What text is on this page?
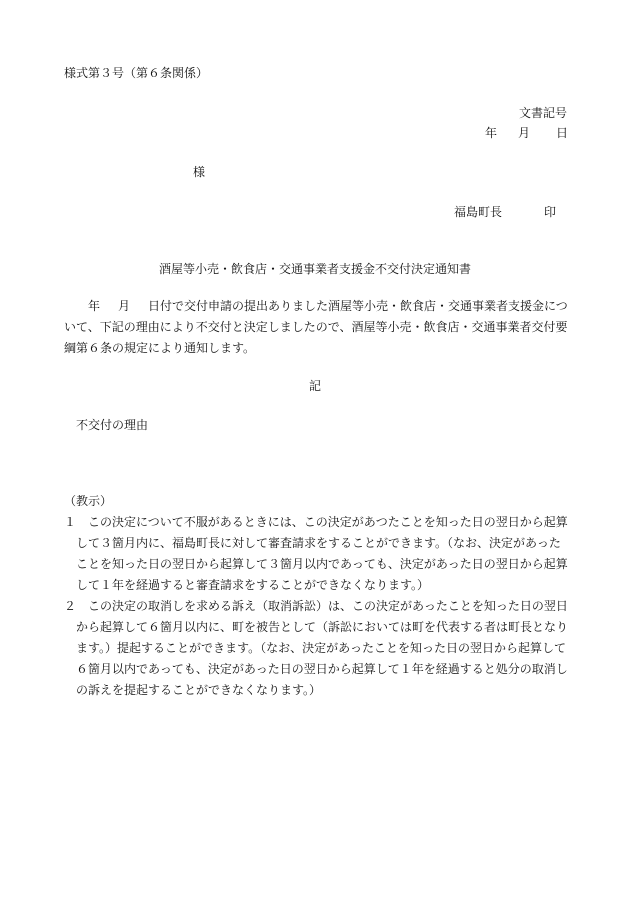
様式第３号（第６条関係）

文書記号

年 月 日

様

福島町長	印

酒屋等小売・飲食店・交通事業者支援金不交付決定通知書

年 月 日付で交付申請の提出ありました酒屋等小売・飲食店・交通事業者支援金について、下記の理由により不交付と決定しましたので、酒屋等小売・飲食店・交通事業者交付要綱第６条の規定により通知します。

記

不交付の理由

（教示）

１ この決定について不服があるときには、この決定があつたことを知った日の翌日から起算して３箇月内に、福島町長に対して審査請求をすることができます。（なお、決定があったことを知った日の翌日から起算して３箇月以内であっても、決定があった日の翌日から起算して１年を経過すると審査請求をすることができなくなります。）
２ この決定の取消しを求める訴え（取消訴訟）は、この決定があったことを知った日の翌日から起算して６箇月以内に、町を被告として（訴訟においては町を代表する者は町長となります。）提起することができます。（なお、決定があったことを知った日の翌日から起算して６箇月以内であっても、決定があった日の翌日から起算して１年を経過すると処分の取消しの訴えを提起することができなくなります。）
